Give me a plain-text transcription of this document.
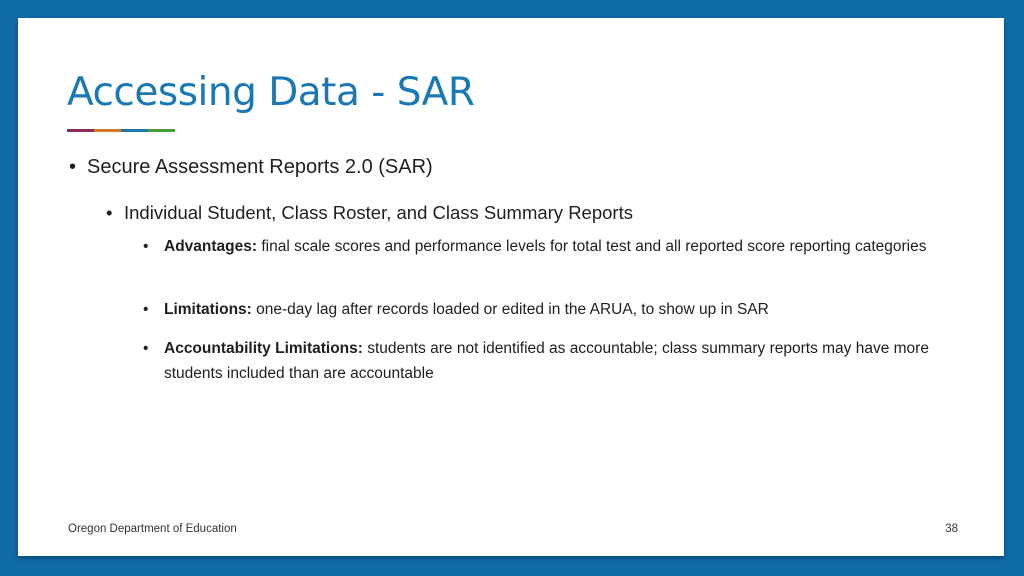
Accessing Data - SAR
• Secure Assessment Reports 2.0 (SAR)
• Individual Student, Class Roster, and Class Summary Reports
• Advantages: final scale scores and performance levels for total test and all reported score reporting categories
• Limitations: one-day lag after records loaded or edited in the ARUA, to show up in SAR
• Accountability Limitations: students are not identified as accountable; class summary reports may have more students included than are accountable
Oregon Department of Education	38
